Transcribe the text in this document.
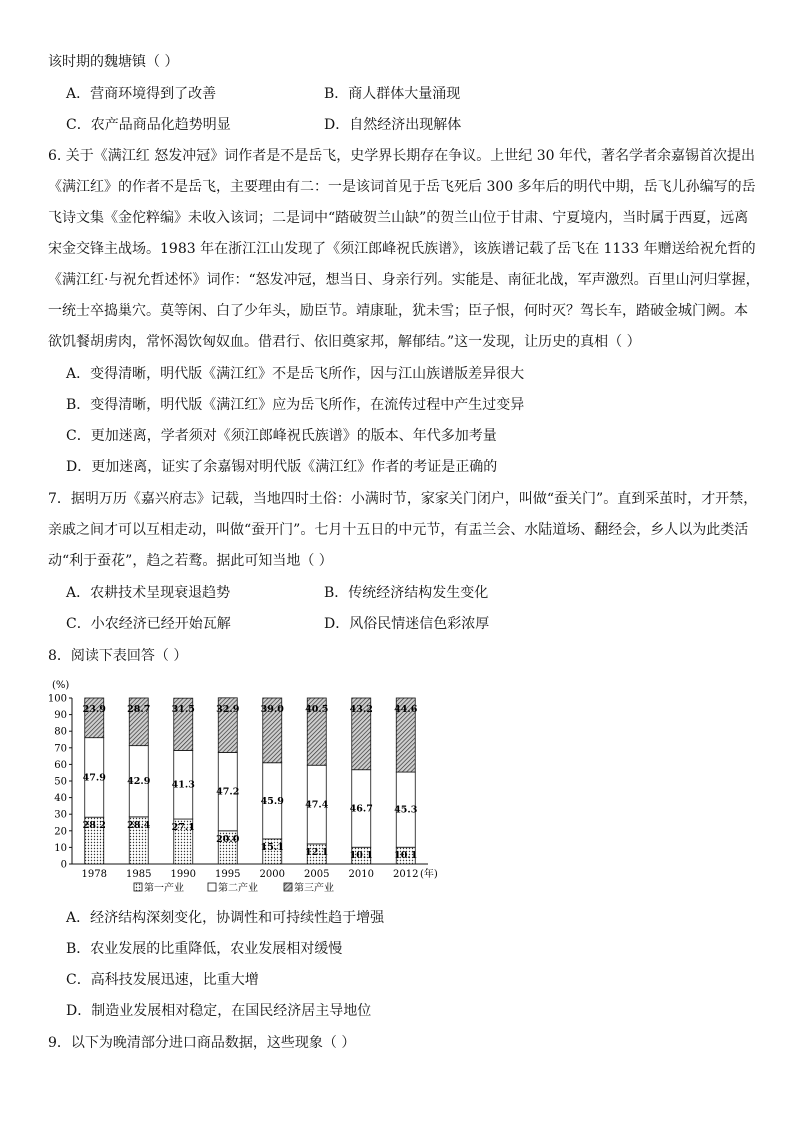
该时期的魏塘镇（ ）
A．营商环境得到了改善	B．商人群体大量涌现
C．农产品商品化趋势明显	D．自然经济出现解体
6. 关于《满江红 怒发冲冠》词作者是不是岳飞，史学界长期存在争议。上世纪 30 年代，著名学者余嘉锡首次提出
《满江红》的作者不是岳飞，主要理由有二：一是该词首见于岳飞死后 300 多年后的明代中期，岳飞儿孙编写的岳
飞诗文集《金佗粹编》未收入该词；二是词中“踏破贺兰山缺”的贺兰山位于甘肃、宁夏境内，当时属于西夏，远离
宋金交锋主战场。1983 年在浙江江山发现了《须江郎峰祝氏族谱》，该族谱记载了岳飞在 1133 年赠送给祝允哲的
《满江红·与祝允哲述怀》词作：“怒发冲冠，想当日、身亲行列。实能是、南征北战，军声激烈。百里山河归掌握，
一统士卒捣巢穴。莫等闲、白了少年头，励臣节。靖康耻，犹未雪；臣子恨，何时灭？驾长车，踏破金城门阙。本
欲饥餐胡虏肉，常怀渴饮匈奴血。借君行、依旧奠家邦，解郁结。”这一发现，让历史的真相（ ）
A．变得清晰，明代版《满江红》不是岳飞所作，因与江山族谱版差异很大
B．变得清晰，明代版《满江红》应为岳飞所作，在流传过程中产生过变异
C．更加迷离，学者须对《须江郎峰祝氏族谱》的版本、年代多加考量
D．更加迷离，证实了余嘉锡对明代版《满江红》作者的考证是正确的
7．据明万历《嘉兴府志》记载，当地四时土俗：小满时节，家家关门闭户，叫做“蚕关门”。直到采茧时，才开禁，
亲戚之间才可以互相走动，叫做“蚕开门”。七月十五日的中元节，有盂兰会、水陆道场、翻经会，乡人以为此类活
动“利于蚕花”，趋之若鹜。据此可知当地（ ）
A．农耕技术呈现衰退趋势	B．传统经济结构发生变化
C．小农经济已经开始瓦解	D．风俗民情迷信色彩浓厚
8．阅读下表回答（ ）
(%)
0
10
20
30
40
50
60
70
80
90
100
28.2
47.9
23.9
28.4
42.9
28.7
27.1
41.3
31.5
20.0
47.2
32.9
15.1
45.9
39.0
12.1
47.4
40.5
10.1
46.7
43.2
10.1
45.3
44.6
1978 1985 1990 1995 2000 2005 2010 2012 (年)
第一产业	第二产业	第三产业
A．经济结构深刻变化，协调性和可持续性趋于增强
B．农业发展的比重降低，农业发展相对缓慢
C．高科技发展迅速，比重大增
D．制造业发展相对稳定，在国民经济居主导地位
9．以下为晚清部分进口商品数据，这些现象（ ）
